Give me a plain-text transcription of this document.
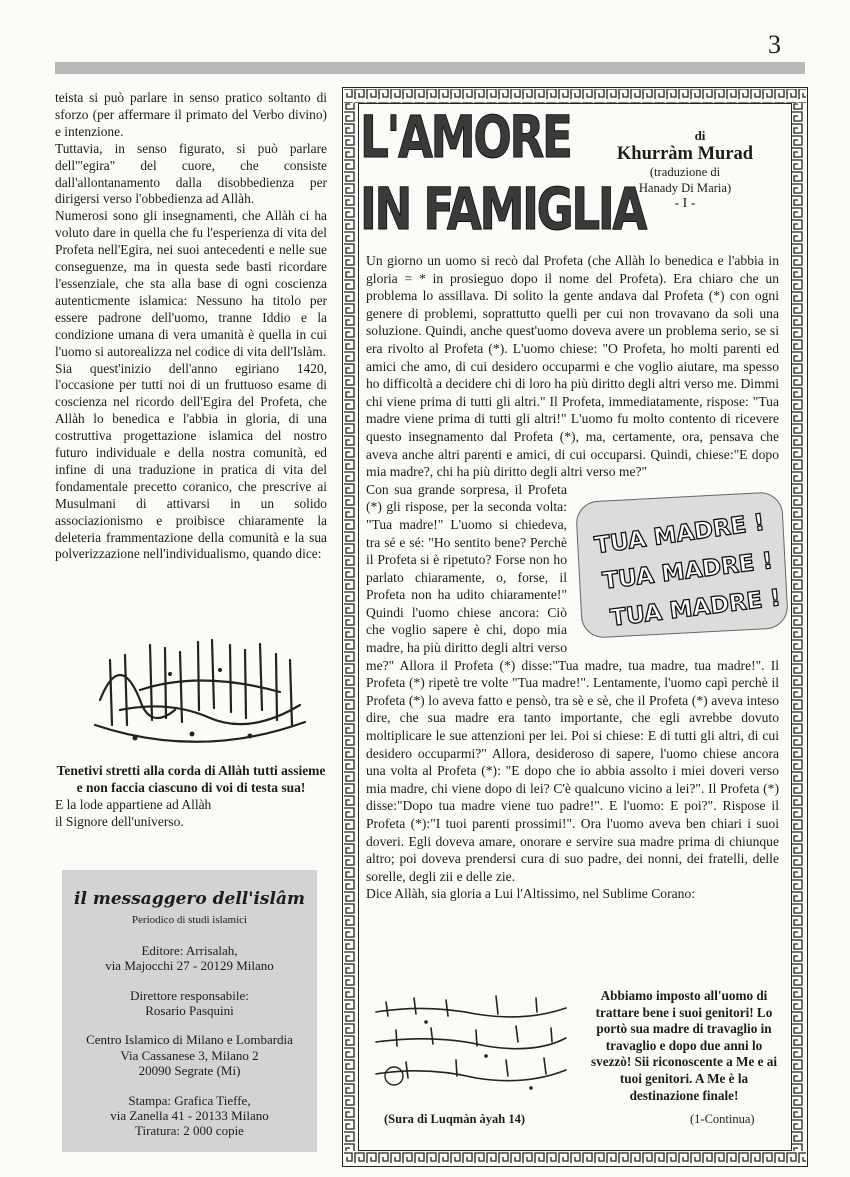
3

teista si può parlare in senso pratico soltanto di sforzo (per affermare il primato del Verbo divino) e intenzione.

Tuttavia, in senso figurato, si può parlare dell'"egira" del cuore, che consiste dall'allontanamento dalla disobbedienza per dirigersi verso l'obbedienza ad Allàh.

Numerosi sono gli insegnamenti, che Allàh ci ha voluto dare in quella che fu l'esperienza di vita del Profeta nell'Egira, nei suoi antecedenti e nelle sue conseguenze, ma in questa sede basti ricordare l'essenziale, che sta alla base di ogni coscienza autenticmente islamica: Nessuno ha titolo per essere padrone dell'uomo, tranne Iddio e la condizione umana di vera umanità è quella in cui l'uomo si autorealizza nel codice di vita dell'Islàm.

Sia quest'inizio dell'anno egiriano 1420, l'occasione per tutti noi di un fruttuoso esame di coscienza nel ricordo dell'Egira del Profeta, che Allàh lo benedica e l'abbia in gloria, di una costruttiva progettazione islamica del nostro futuro individuale e della nostra comunità, ed infine di una traduzione in pratica di vita del fondamentale precetto coranico, che prescrive ai Musulmani di attivarsi in un solido associazionismo e proibisce chiaramente la deleteria frammentazione della comunità e la sua polverizzazione nell'individualismo, quando dice:

Tenetivi stretti alla corda di Allàh tutti assieme e non faccia ciascuno di voi di testa sua!
E la lode appartiene ad Allàh
il Signore dell'universo.
il messaggero dell'islâm
Periodico di studi islamici
Editore: Arrisalah,
via Majocchi 27 - 20129 Milano
Direttore responsabile:
Rosario Pasquini
Centro Islamico di Milano e Lombardia
Via Cassanese 3, Milano 2
20090 Segrate (Mi)
Stampa: Grafica Tieffe,
via Zanella 41 - 20133 Milano
Tiratura: 2 000 copie
L'AMORE
IN FAMIGLIA
di
Khurràm Murad
(traduzione di
Hanady Di Maria)
- I -

Un giorno un uomo si recò dal Profeta (che Allàh lo benedica e l'abbia in gloria = * in prosieguo dopo il nome del Profeta). Era chiaro che un problema lo assillava. Di solito la gente andava dal Profeta (*) con ogni genere di problemi, soprattutto quelli per cui non trovavano da soli una soluzione. Quindi, anche quest'uomo doveva avere un problema serio, se si era rivolto al Profeta (*). L'uomo chiese: "O Profeta, ho molti parenti ed amici che amo, di cui desidero occuparmi e che voglio aiutare, ma spesso ho difficoltà a decidere chi di loro ha più diritto degli altri verso me. Dimmi chi viene prima di tutti gli altri." Il Profeta, immediatamente, rispose: "Tua madre viene prima di tutti gli altri!" L'uomo fu molto contento di ricevere questo insegnamento dal Profeta (*), ma, certamente, ora, pensava che aveva anche altri parenti e amici, di cui occuparsi. Quindi, chiese:"E dopo mia madre?, chi ha più diritto degli altri verso me?"

TUA MADRE !
TUA MADRE !
TUA MADRE !

Con sua grande sorpresa, il Profeta (*) gli rispose, per la seconda volta: "Tua madre!" L'uomo si chiedeva, tra sé e sé: "Ho sentito bene? Perchè il Profeta si è ripetuto? Forse non ho parlato chiaramente, o, forse, il Profeta non ha udito chiaramente!" Quindi l'uomo chiese ancora: Ciò che voglio sapere è chi, dopo mia madre, ha più diritto degli altri verso me?" Allora il Profeta (*) disse:"Tua madre, tua madre, tua madre!". Il Profeta (*) ripetè tre volte "Tua madre!". Lentamente, l'uomo capì perchè il Profeta (*) lo aveva fatto e pensò, tra sè e sè, che il Profeta (*) aveva inteso dire, che sua madre era tanto importante, che egli avrebbe dovuto moltiplicare le sue attenzioni per lei. Poi si chiese: E di tutti gli altri, di cui desidero occuparmi?" Allora, desideroso di sapere, l'uomo chiese ancora una volta al Profeta (*): "E dopo che io abbia assolto i miei doveri verso mia madre, chi viene dopo di lei? C'è qualcuno vicino a lei?". Il Profeta (*) disse:"Dopo tua madre viene tuo padre!". E l'uomo: E poi?". Rispose il Profeta (*):"I tuoi parenti prossimi!". Ora l'uomo aveva ben chiari i suoi doveri. Egli doveva amare, onorare e servire sua madre prima di chiunque altro; poi doveva prendersi cura di suo padre, dei nonni, dei fratelli, delle sorelle, degli zii e delle zie.

Dice Allàh, sia gloria a Lui l'Altissimo, nel Sublime Corano:

Abbiamo imposto all'uomo di trattare bene i suoi genitori! Lo portò sua madre di travaglio in travaglio e dopo due anni lo svezzò! Sii riconoscente a Me e ai tuoi genitori. A Me è la destinazione finale!
(Sura di Luqmàn àyah 14)	(1-Continua)
